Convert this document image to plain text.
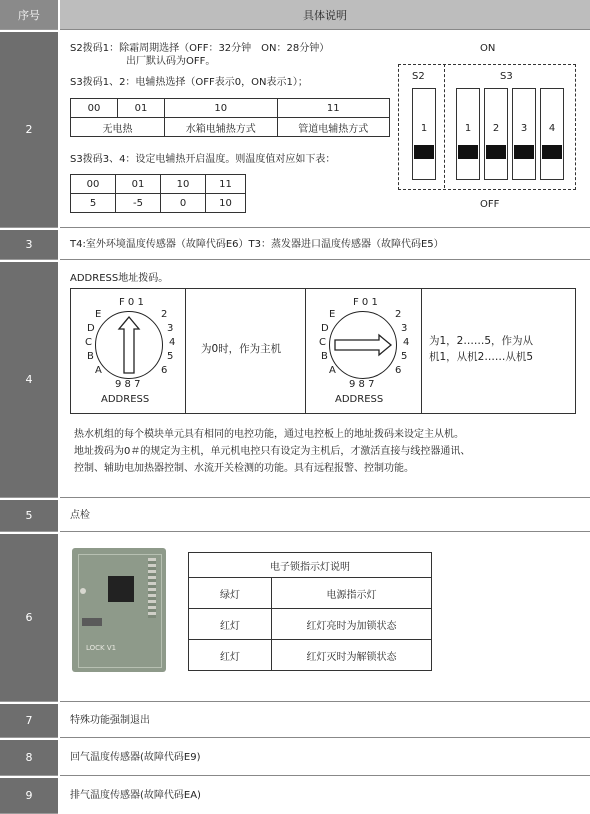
序号	具体说明
2
S2拨码1：除霜周期选择（OFF：32分钟　ON：28分钟）
出厂默认码为OFF。
S3拨码1、2：电辅热选择（OFF表示0，ON表示1）；
00	01	10	11
无电热		水箱电辅热方式	管道电辅热方式
S3拨码3、4：设定电辅热开启温度。则温度值对应如下表：
00	01	10	11
5	-5	0	10
ON
S2	S3
1	1	2	3	4
OFF
3	T4:室外环境温度传感器（故障代码E6）T3：蒸发器进口温度传感器（故障代码E5）
4
ADDRESS地址拨码。
F 0 1
2
3
4
5
6
9 8 7
E
D
C
B
A
ADDRESS
为0时，作为主机
F 0 1
2
3
4
5
6
9 8 7
E
D
C
B
A
ADDRESS
为1，2……5，作为从
机1，从机2……从机5
热水机组的每个模块单元具有相同的电控功能，通过电控板上的地址拨码来设定主从机。
地址拨码为0＃的规定为主机，单元机电控只有设定为主机后，才激活直接与线控器通讯、
控制、辅助电加热器控制、水流开关检测的功能。具有远程报警、控制功能。
5	点检
6
LOCK V1
电子锁指示灯说明	
绿灯	电源指示灯
红灯	红灯亮时为加锁状态
红灯	红灯灭时为解锁状态
7	特殊功能强制退出
8	回气温度传感器(故障代码E9)
9	排气温度传感器(故障代码EA)
